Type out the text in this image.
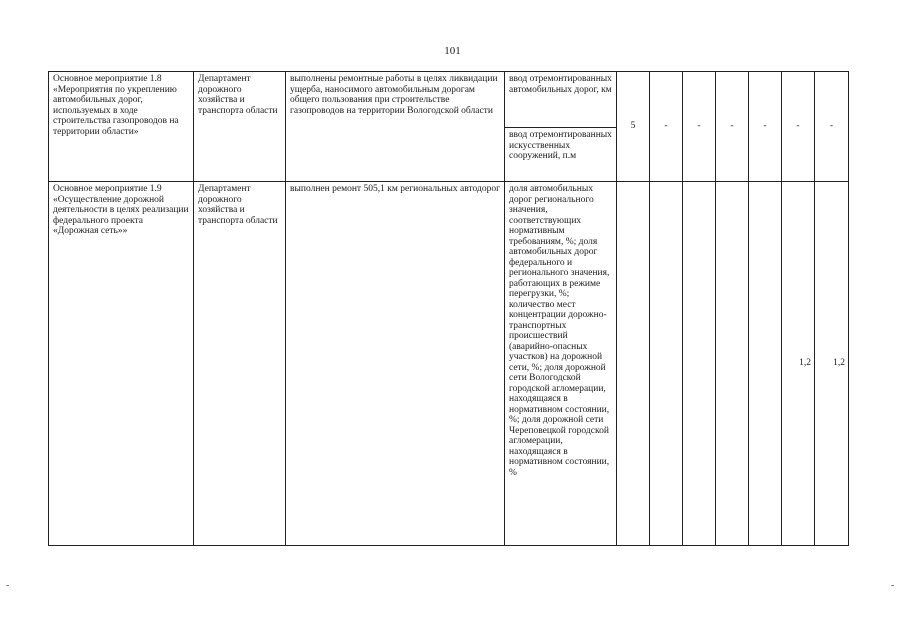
101
Основное мероприятие 1.8 «Мероприятия по укреплению автомобильных дорог, используемых в ходе строительства газопроводов на территории области»	Департамент дорожного хозяйства и транспорта области	выполнены ремонтные работы в целях ликвидации ущерба, наносимого автомобильным дорогам общего пользования при строительстве газопроводов на территории Вологодской области	ввод отремонтированных автомобильных дорог, км	5	-	-	-	-	-	-
			ввод отремонтированных искусственных сооружений, п.м							
Основное мероприятие 1.9 «Осуществление дорожной деятельности в целях реализации федерального проекта «Дорожная сеть»»	Департамент дорожного хозяйства и транспорта области	выполнен ремонт 505,1 км региональных автодорог	доля автомобильных дорог регионального значения, соответствующих нормативным требованиям, %; доля автомобильных дорог федерального и регионального значения, работающих в режиме перегрузки, %; количество мест концентрации дорожно-транспортных происшествий (аварийно-опасных участков) на дорожной сети, %; доля дорожной сети Вологодской городской агломерации, находящаяся в нормативном состоянии, %; доля дорожной сети Череповецкой городской агломерации, находящаяся в нормативном состоянии, %						1,2	1,2
-	-
